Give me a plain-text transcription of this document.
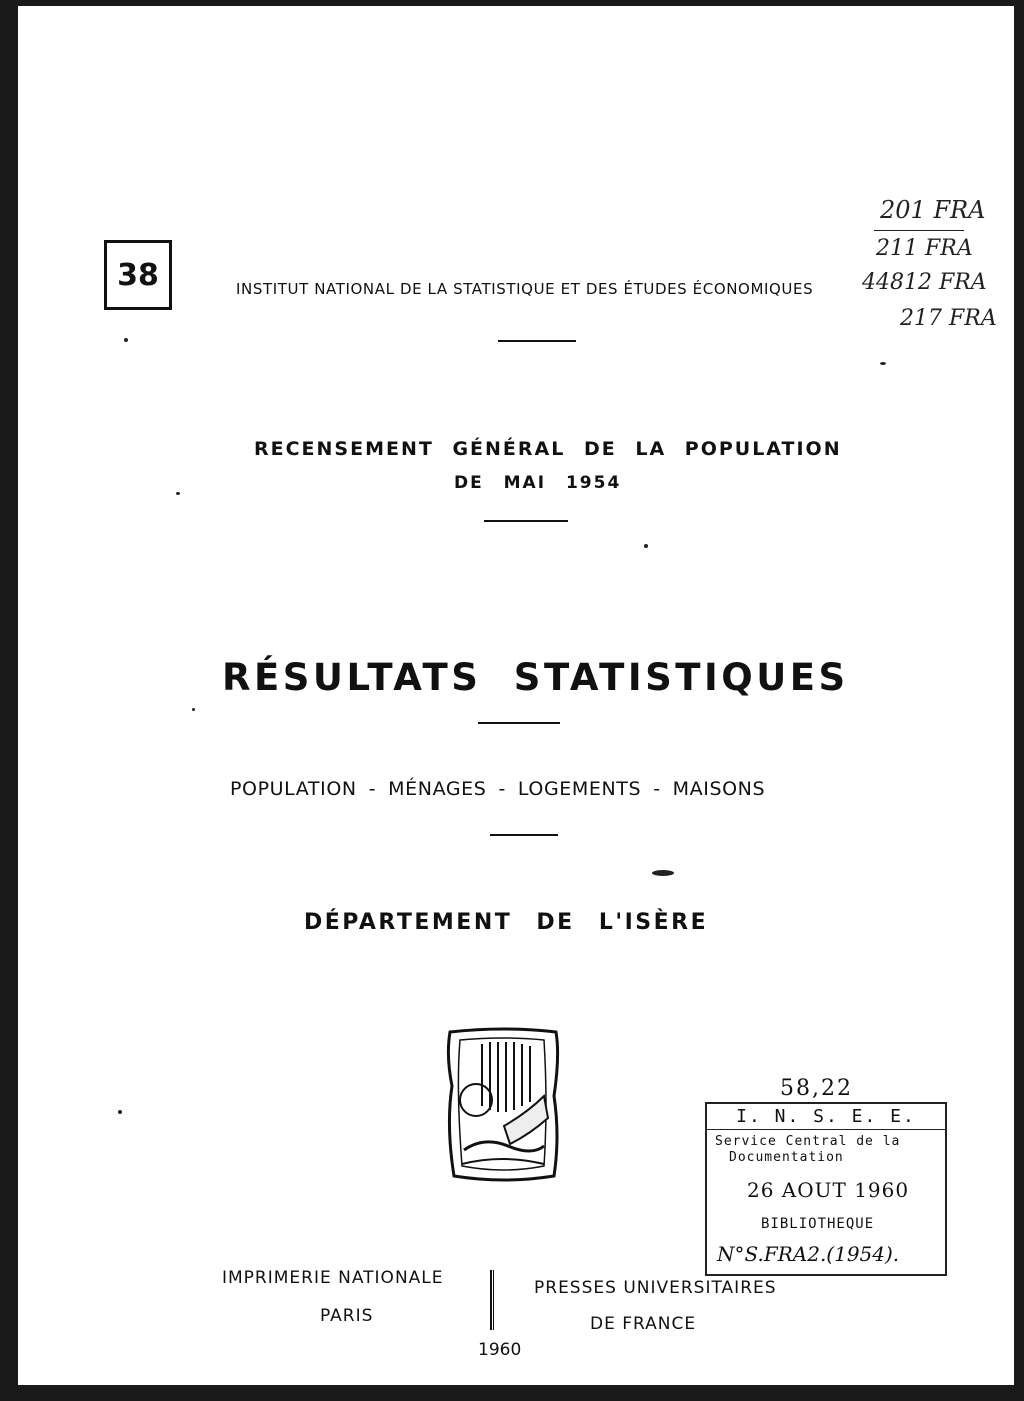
38	INSTITUT NATIONAL DE LA STATISTIQUE ET DES ÉTUDES ÉCONOMIQUES
201 FRA
211 FRA
44812 FRA
217 FRA
RECENSEMENT GÉNÉRAL DE LA POPULATION
DE MAI 1954
RÉSULTATS STATISTIQUES
POPULATION - MÉNAGES - LOGEMENTS - MAISONS
DÉPARTEMENT DE L'ISÈRE
58,22
I. N. S. E. E.
Service Central de la
Documentation
26 AOUT 1960
BIBLIOTHEQUE
N°S.FRA2.(1954).
IMPRIMERIE NATIONALE
PARIS
PRESSES UNIVERSITAIRES
DE FRANCE
1960
